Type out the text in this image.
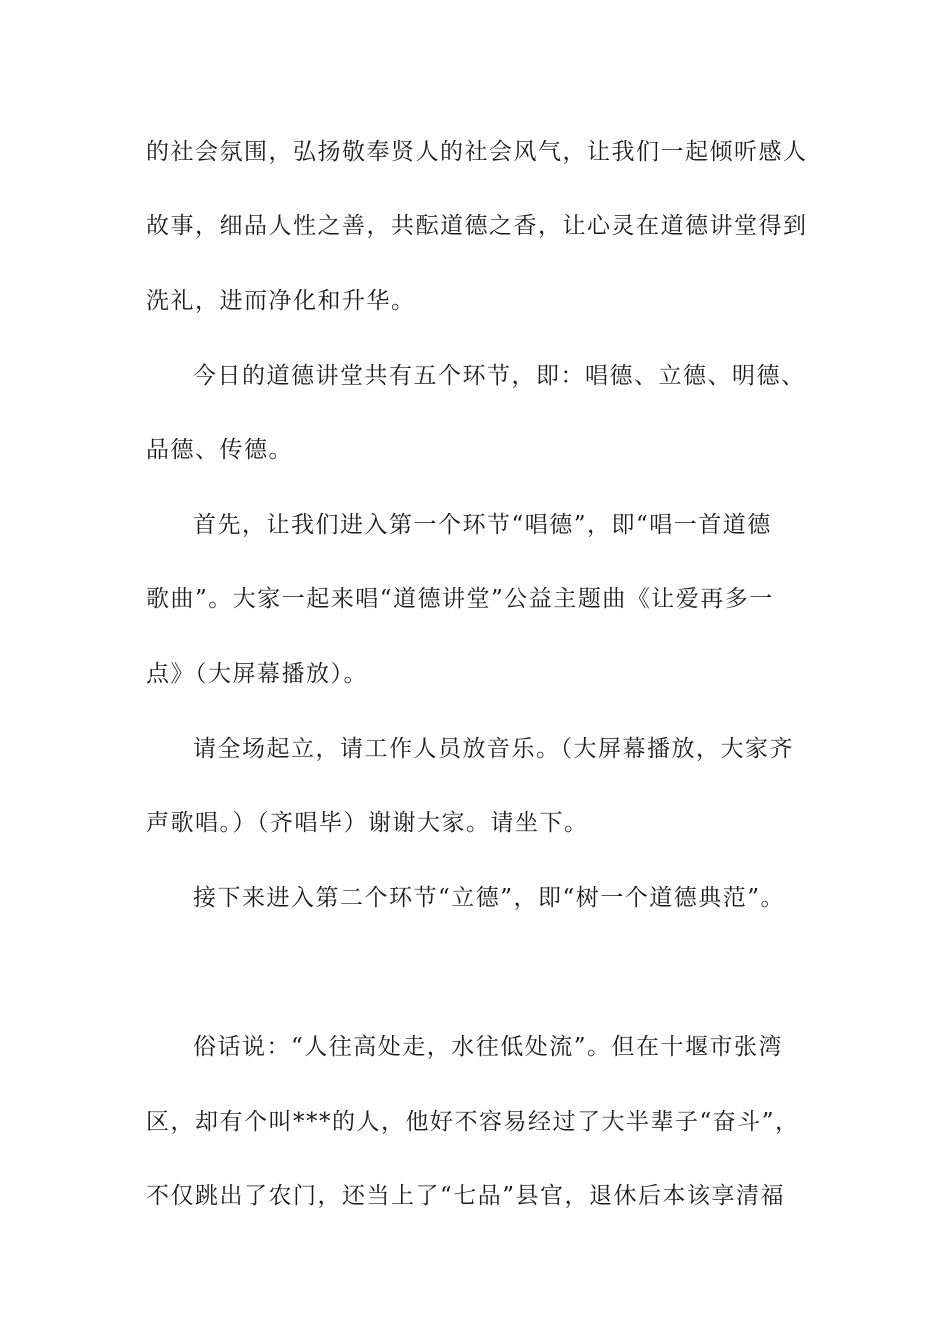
的社会氛围，弘扬敬奉贤人的社会风气，让我们一起倾听感人
故事，细品人性之善，共酝道德之香，让心灵在道德讲堂得到
洗礼，进而净化和升华。
今日的道德讲堂共有五个环节，即：唱德、立德、明德、
品德、传德。
首先，让我们进入第一个环节“唱德”，即“唱一首道德
歌曲”。大家一起来唱“道德讲堂”公益主题曲《让爱再多一
点》（大屏幕播放）。
请全场起立，请工作人员放音乐。（大屏幕播放，大家齐
声歌唱。）（齐唱毕）谢谢大家。请坐下。
接下来进入第二个环节“立德”，即“树一个道德典范”。
俗话说：“人往高处走，水往低处流”。但在十堰市张湾
区，却有个叫***的人，他好不容易经过了大半辈子“奋斗”，
不仅跳出了农门，还当上了“七品”县官，退休后本该享清福
